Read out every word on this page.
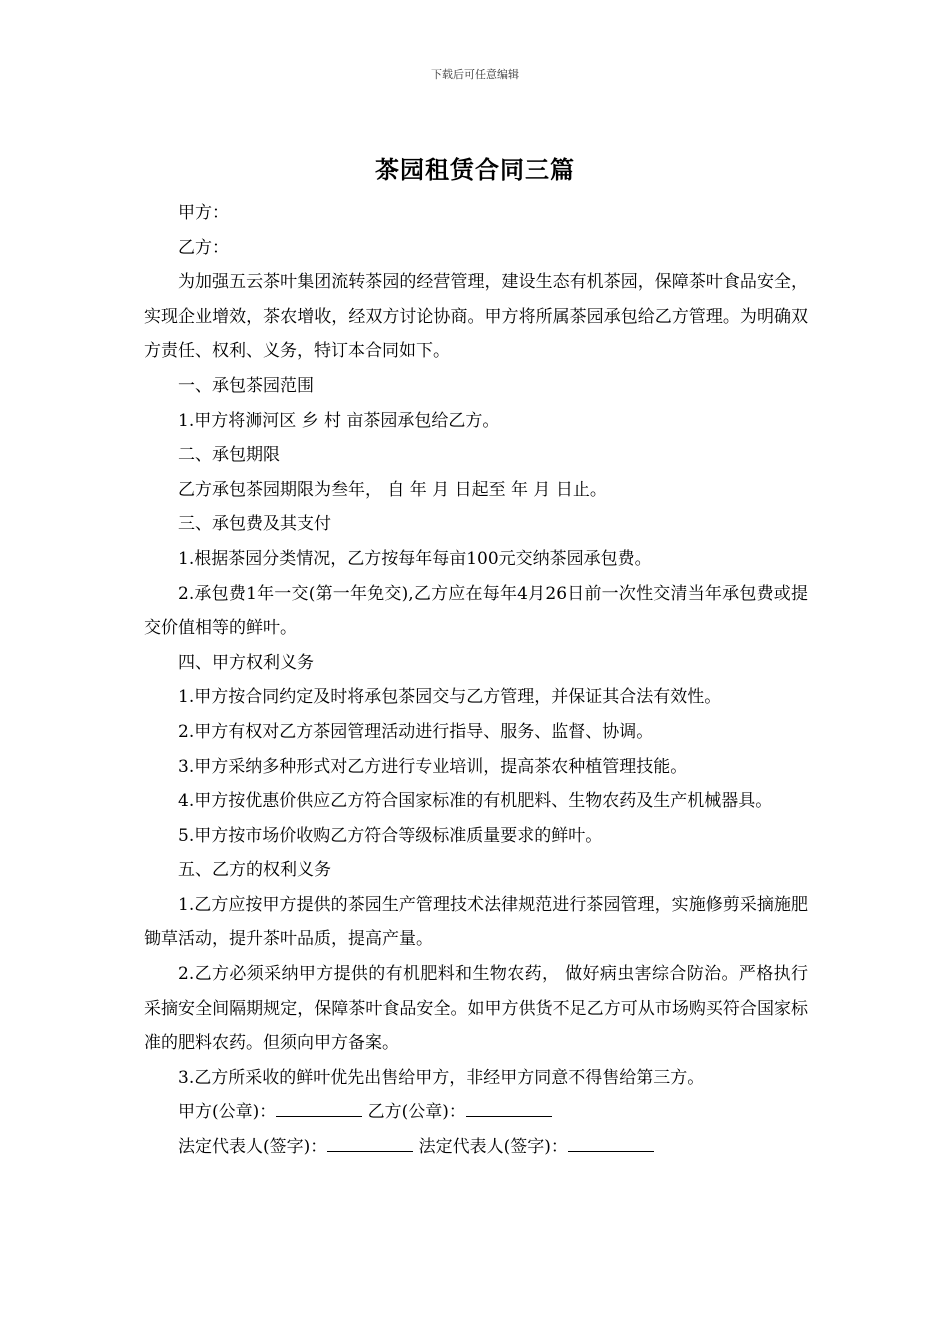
下载后可任意编辑
茶园租赁合同三篇

甲方：

乙方：

为加强五云茶叶集团流转茶园的经营管理，建设生态有机茶园，保障茶叶食品安全，实现企业增效，茶农增收，经双方讨论协商。甲方将所属茶园承包给乙方管理。为明确双方责任、权利、义务，特订本合同如下。

一、承包茶园范围

1.甲方将浉河区 乡 村 亩茶园承包给乙方。

二、承包期限

乙方承包茶园期限为叁年， 自 年 月 日起至 年 月 日止。

三、承包费及其支付

1.根据茶园分类情况，乙方按每年每亩100元交纳茶园承包费。

2.承包费1年一交(第一年免交),乙方应在每年4月26日前一次性交清当年承包费或提交价值相等的鲜叶。

四、甲方权利义务

1.甲方按合同约定及时将承包茶园交与乙方管理，并保证其合法有效性。

2.甲方有权对乙方茶园管理活动进行指导、服务、监督、协调。

3.甲方采纳多种形式对乙方进行专业培训，提高茶农种植管理技能。

4.甲方按优惠价供应乙方符合国家标准的有机肥料、生物农药及生产机械器具。

5.甲方按市场价收购乙方符合等级标准质量要求的鲜叶。

五、乙方的权利义务

1.乙方应按甲方提供的茶园生产管理技术法律规范进行茶园管理，实施修剪采摘施肥锄草活动，提升茶叶品质，提高产量。

2.乙方必须采纳甲方提供的有机肥料和生物农药， 做好病虫害综合防治。严格执行采摘安全间隔期规定，保障茶叶食品安全。如甲方供货不足乙方可从市场购买符合国家标准的肥料农药。但须向甲方备案。

3.乙方所采收的鲜叶优先出售给甲方，非经甲方同意不得售给第三方。

甲方(公章)：	乙方(公章)：

法定代表人(签字)：	法定代表人(签字)：
